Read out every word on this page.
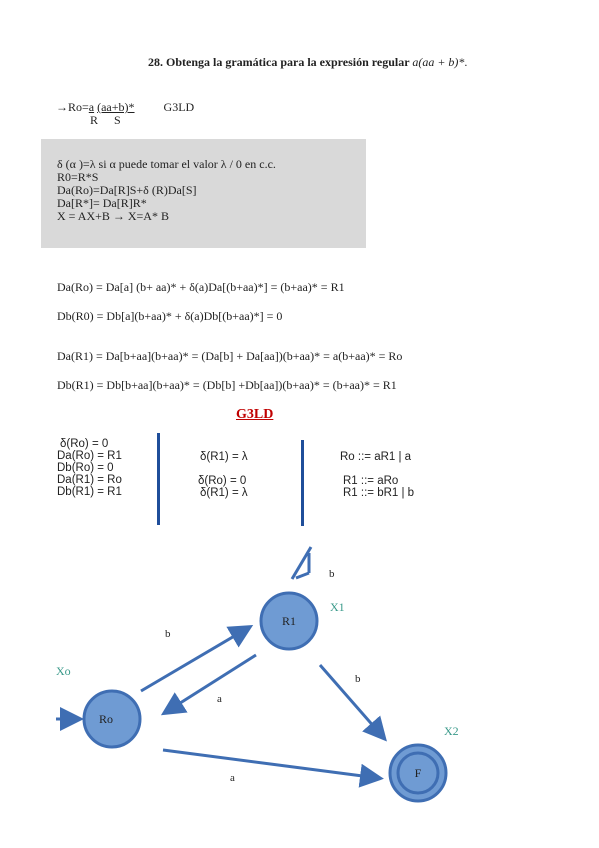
28. Obtenga la gramática para la expresión regular a(aa + b)*.
→Ro=a (aa+b)* G3LD
R S
δ (α )=λ si α puede tomar el valor λ / 0 en c.c.
R0=R*S
Da(Ro)=Da[R]S+δ (R)Da[S]
Da[R*]= Da[R]R*
X = AX+B → X=A* B
Da(Ro) = Da[a] (b+ aa)* + δ(a)Da[(b+aa)*] = (b+aa)* = R1
Db(R0) = Db[a](b+aa)* + δ(a)Db[(b+aa)*] = 0
Da(R1) = Da[b+aa](b+aa)* = (Da[b] + Da[aa])(b+aa)* = a(b+aa)* = Ro
Db(R1) = Db[b+aa](b+aa)* = (Db[b] +Db[aa])(b+aa)* = (b+aa)* = R1
G3LD
δ(Ro) = 0
Da(Ro) = R1
Db(Ro) = 0
Da(R1) = Ro
Db(R1) = R1
δ(R1) = λ
δ(Ro) = 0
δ(R1) = λ
Ro ::= aR1 | a
R1 ::= aRo
R1 ::= bR1 | b
R1
Ro
F
Xo
X1
X2
b
b
a
b
a
